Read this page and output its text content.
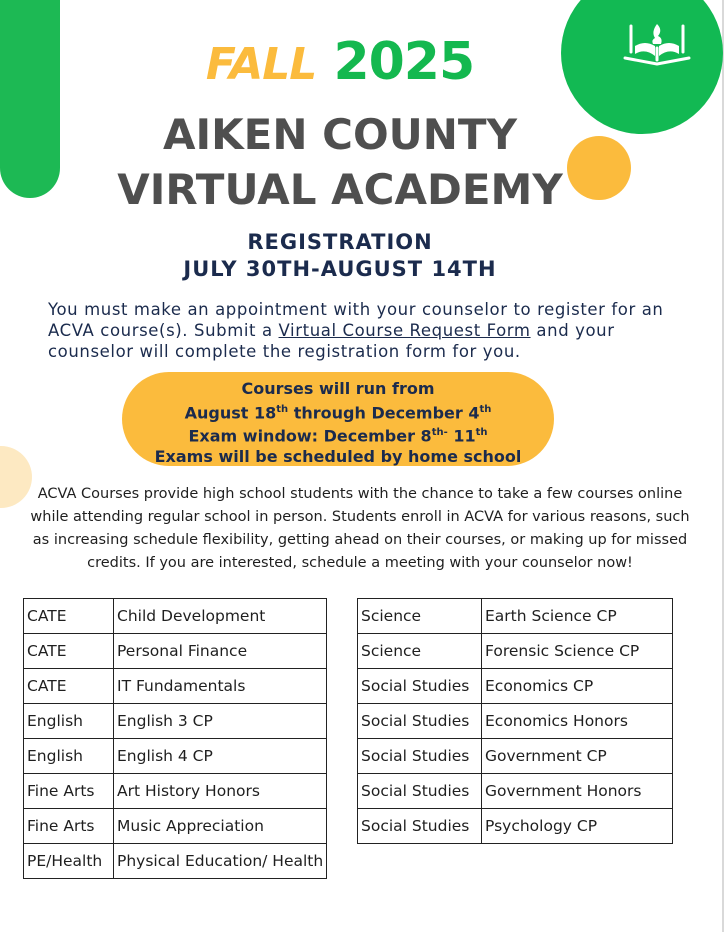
FALL 2025
AIKEN COUNTY
VIRTUAL ACADEMY
REGISTRATION
JULY 30TH-AUGUST 14TH
You must make an appointment with your counselor to register for an ACVA course(s). Submit a Virtual Course Request Form and your counselor will complete the registration form for you.
Courses will run from
August 18th through December 4th
Exam window: December $8^{th-}$ 11th
Exams will be scheduled by home school
ACVA Courses provide high school students with the chance to take a few courses online while attending regular school in person. Students enroll in ACVA for various reasons, such as increasing schedule flexibility, getting ahead on their courses, or making up for missed credits. If you are interested, schedule a meeting with your counselor now!
CATE	Child Development
CATE	Personal Finance
CATE	IT Fundamentals
English	English 3 CP
English	English 4 CP
Fine Arts	Art History Honors
Fine Arts	Music Appreciation
PE/Health	Physical Education/ Health
Science	Earth Science CP
Science	Forensic Science CP
Social Studies	Economics CP
Social Studies	Economics Honors
Social Studies	Government CP
Social Studies	Government Honors
Social Studies	Psychology CP
